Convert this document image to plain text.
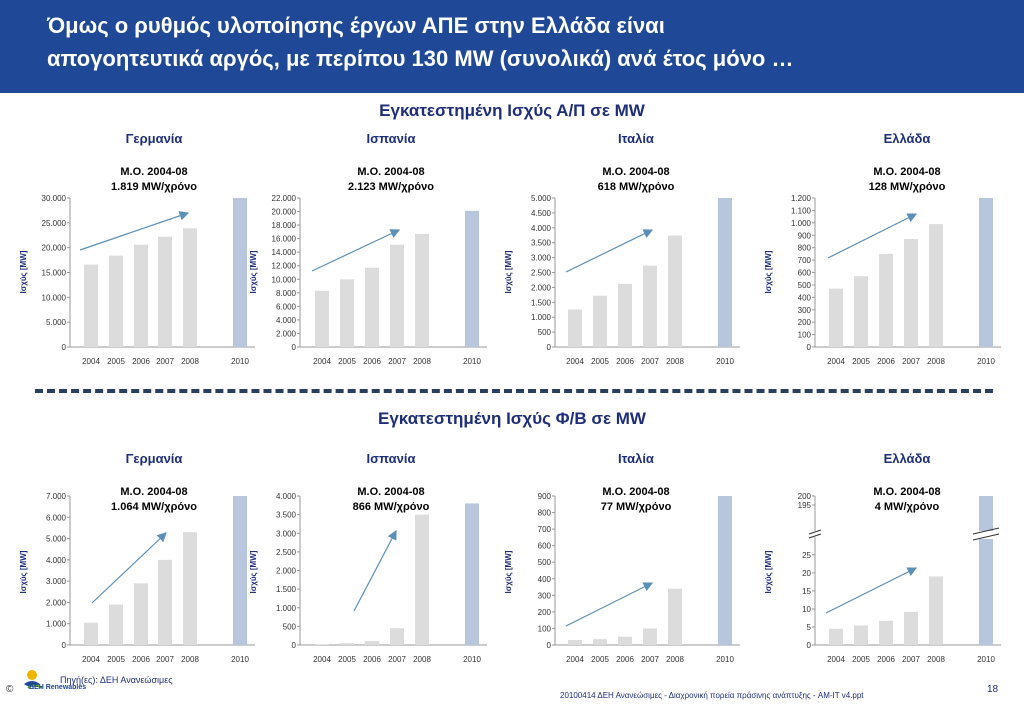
Όμως ο ρυθμός υλοποίησης έργων ΑΠΕ στην Ελλάδα είναι
απογοητευτικά αργός, με περίπου 130 MW (συνολικά) ανά έτος μόνο …
Εγκατεστημένη Ισχύς Α/Π σε MW
Εγκατεστημένη Ισχύς Φ/Β σε MW
Γερμανία
Μ.Ο. 2004-08
1.819 MW/χρόνο
0
5.000
10.000
15.000
20.000
25.000
30.000
Ισχύς [MW]
2004 2005 2006 2007 2008	2010
Ισπανία
Μ.Ο. 2004-08
2.123 MW/χρόνο
0
2.000
4.000
6.000
8.000
10.000
12.000
14.000
16.000
18.000
20.000
22.000
Ισχύς [MW]
2004 2005 2006 2007 2008	2010
Ιταλία
Μ.Ο. 2004-08
618 MW/χρόνο
0
500
1.000
1.500
2.000
2.500
3.000
3.500
4.000
4.500
5.000
Ισχύς [MW]
2004 2005 2006 2007 2008	2010
Ελλάδα
Μ.Ο. 2004-08
128 MW/χρόνο
0
100
200
300
400
500
600
700
800
900
1.000
1.100
1.200
Ισχύς [MW]
2004 2005 2006 2007 2008	2010
Γερμανία
Μ.Ο. 2004-08
1.064 MW/χρόνο
0
1.000
2.000
3.000
4.000
5.000
6.000
7.000
Ισχύς [MW]
2004 2005 2006 2007 2008	2010
Ισπανία
Μ.Ο. 2004-08
866 MW/χρόνο
0
500
1.000
1.500
2.000
2.500
3.000
3.500
4.000
Ισχύς [MW]
2004 2005 2006 2007 2008	2010
Ιταλία
Μ.Ο. 2004-08
77 MW/χρόνο
0
100
200
300
400
500
600
700
800
900
Ισχύς [MW]
2004 2005 2006 2007 2008	2010
Ελλάδα
Μ.Ο. 2004-08
4 MW/χρόνο
0
5
10
15
20
25
195
200
Ισχύς [MW]
2004 2005 2006 2007 2008	2010
© ΔΕΗ Renewables
Πηγή(ες): ΔΕΗ Ανανεώσιμες
20100414 ΔΕΗ Ανανεώσιμες - Διαχρονική πορεία πράσινης ανάπτυξης - AM-IT v4.ppt
18
